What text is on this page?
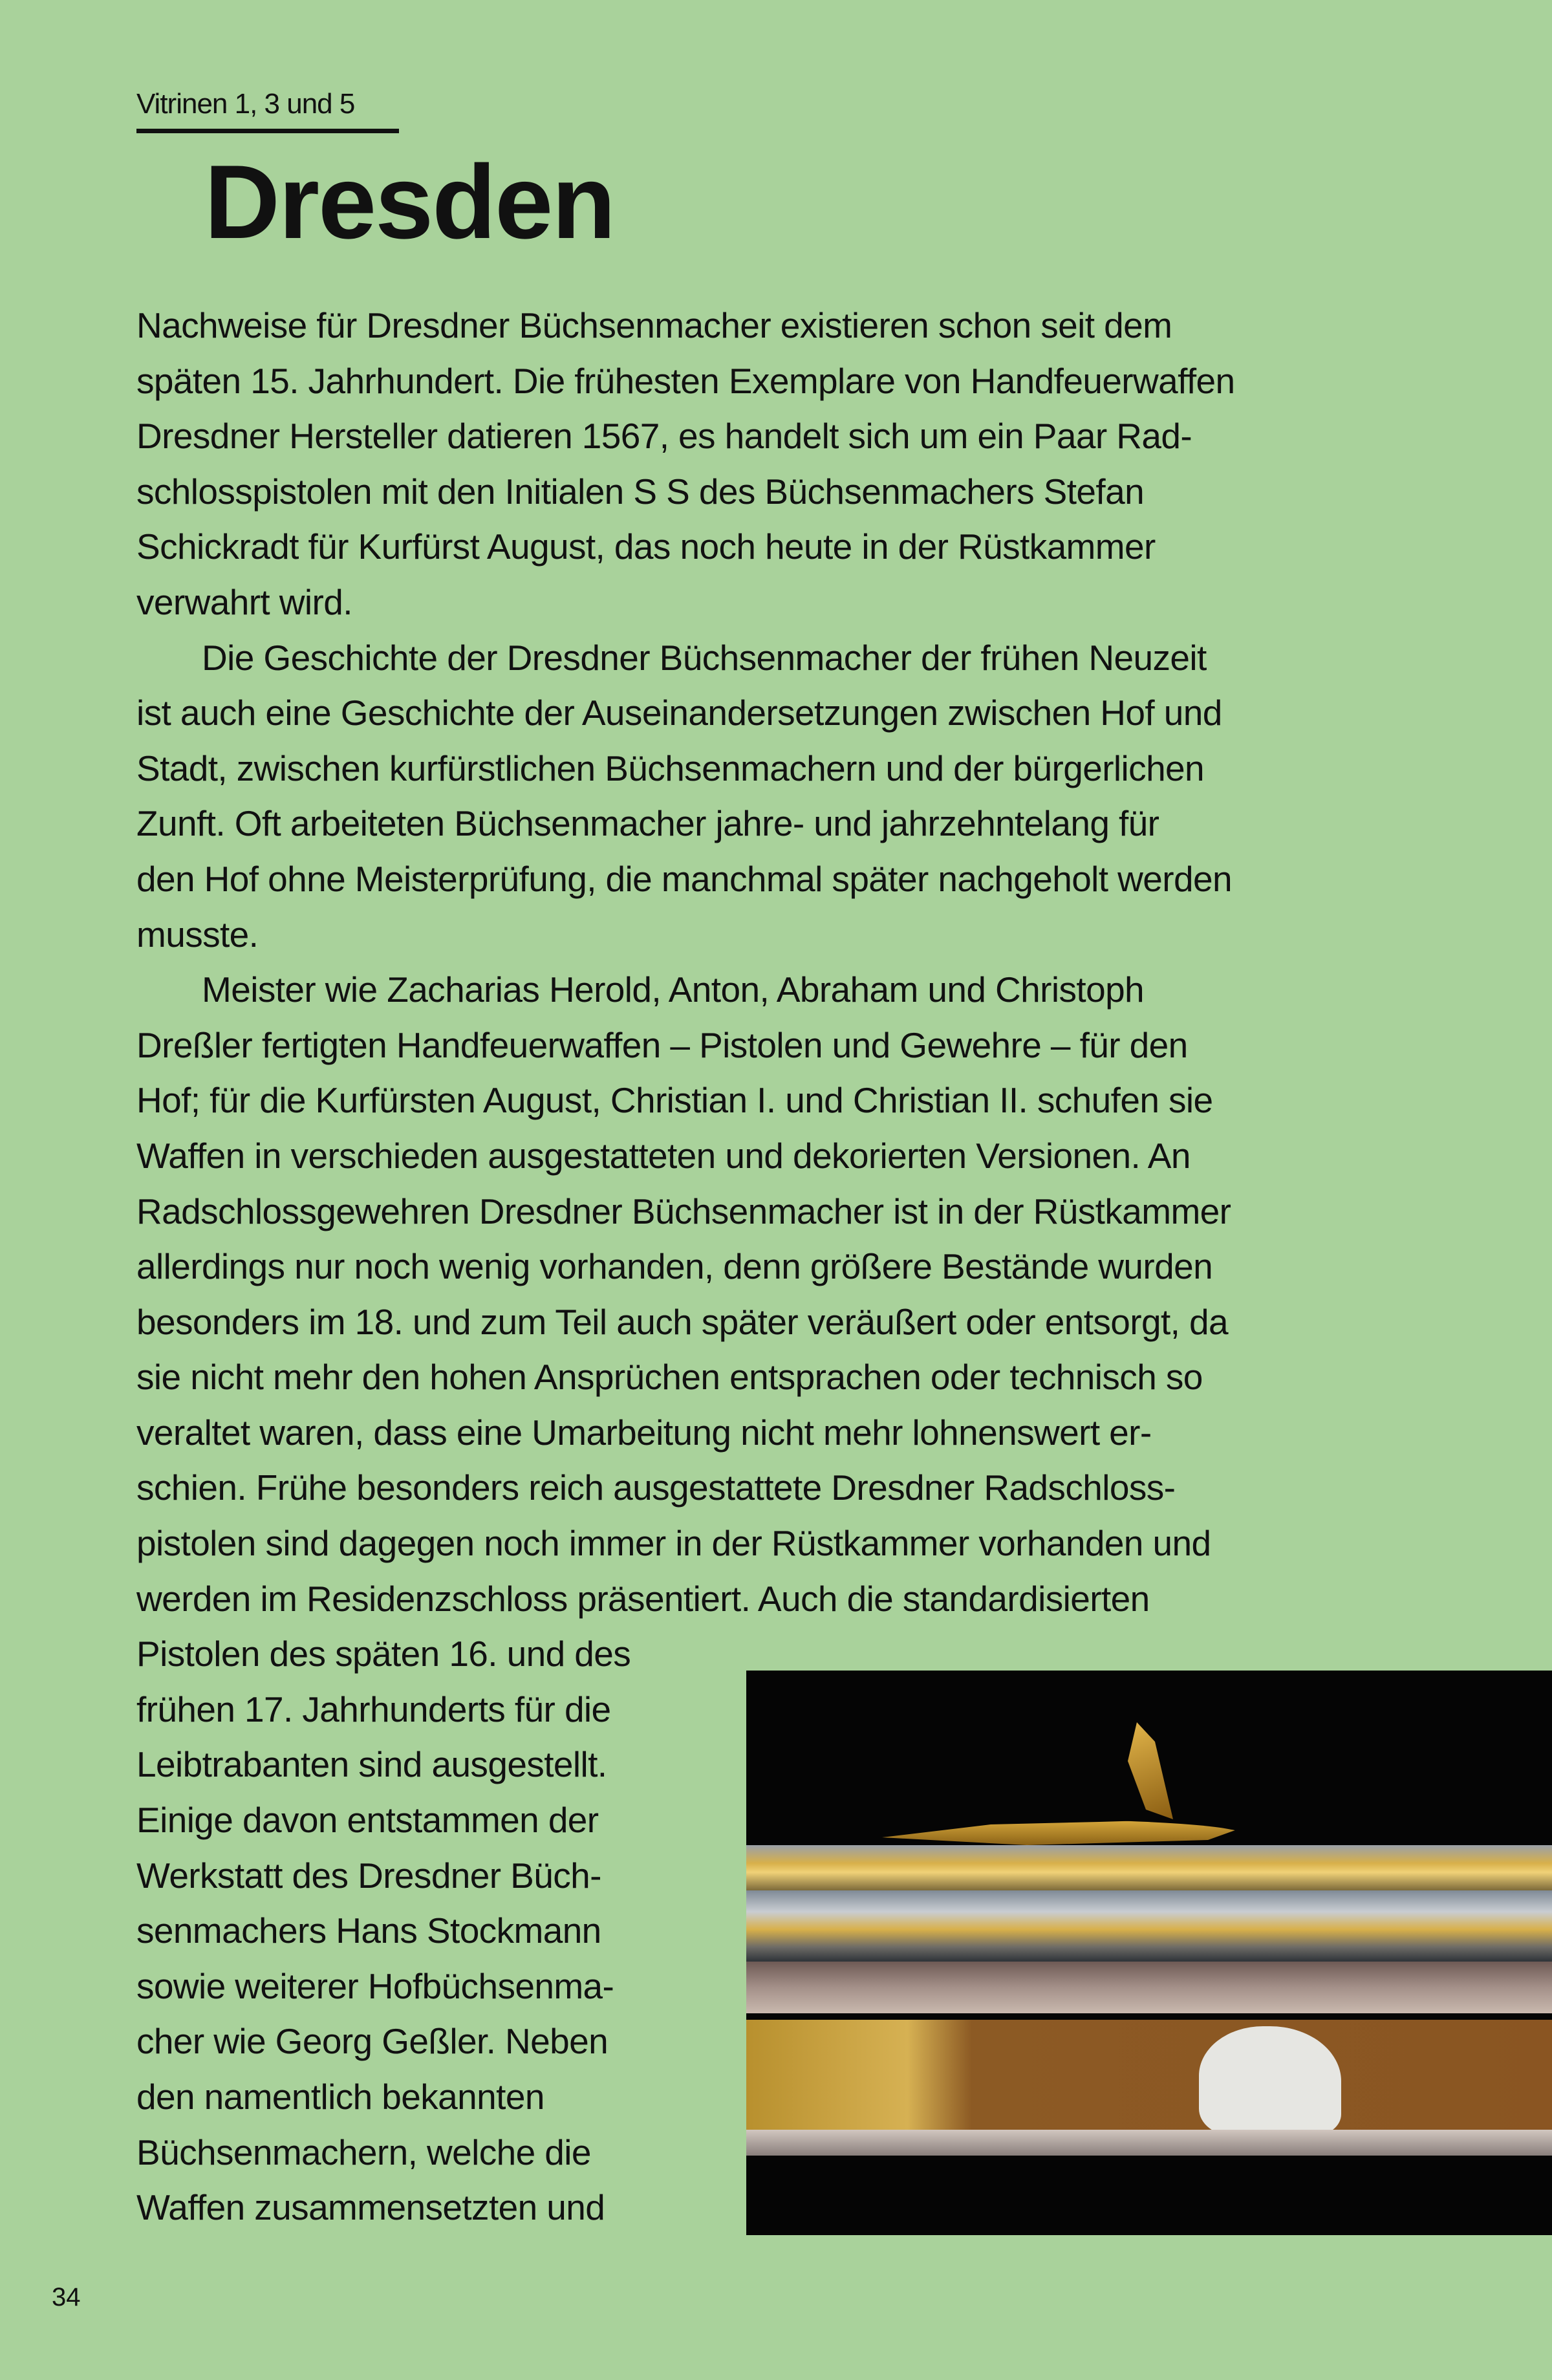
Vitrinen 1, 3 und 5
Dresden
Nachweise für Dresdner Büchsenmacher existieren schon seit dem
späten 15. Jahrhundert. Die frühesten Exemplare von Handfeuerwaffen
Dresdner Hersteller datieren 1567, es handelt sich um ein Paar Rad-
schlosspistolen mit den Initialen S S des Büchsenmachers Stefan
Schickradt für Kurfürst August, das noch heute in der Rüstkammer
verwahrt wird.
Die Geschichte der Dresdner Büchsenmacher der frühen Neuzeit
ist auch eine Geschichte der Auseinandersetzungen zwischen Hof und
Stadt, zwischen kurfürstlichen Büchsenmachern und der bürgerlichen
Zunft. Oft arbeiteten Büchsenmacher jahre- und jahrzehntelang für
den Hof ohne Meisterprüfung, die manchmal später nachgeholt werden
musste.
Meister wie Zacharias Herold, Anton, Abraham und Christoph
Dreßler fertigten Handfeuerwaffen – Pistolen und Gewehre – für den
Hof; für die Kurfürsten August, Christian I. und Christian II. schufen sie
Waffen in verschieden ausgestatteten und dekorierten Versionen. An
Radschlossgewehren Dresdner Büchsenmacher ist in der Rüstkammer
allerdings nur noch wenig vorhanden, denn größere Bestände wurden
besonders im 18. und zum Teil auch später veräußert oder entsorgt, da
sie nicht mehr den hohen Ansprüchen entsprachen oder technisch so
veraltet waren, dass eine Umarbeitung nicht mehr lohnenswert er-
schien. Frühe besonders reich ausgestattete Dresdner Radschloss-
pistolen sind dagegen noch immer in der Rüstkammer vorhanden und
werden im Residenzschloss präsentiert. Auch die standardisierten
Pistolen des späten 16. und des
frühen 17. Jahrhunderts für die
Leibtrabanten sind ausgestellt.
Einige davon entstammen der
Werkstatt des Dresdner Büch-
senmachers Hans Stockmann
sowie weiterer Hofbüchsenma-
cher wie Georg Geßler. Neben
den namentlich bekannten
Büchsenmachern, welche die
Waffen zusammensetzten und
34
